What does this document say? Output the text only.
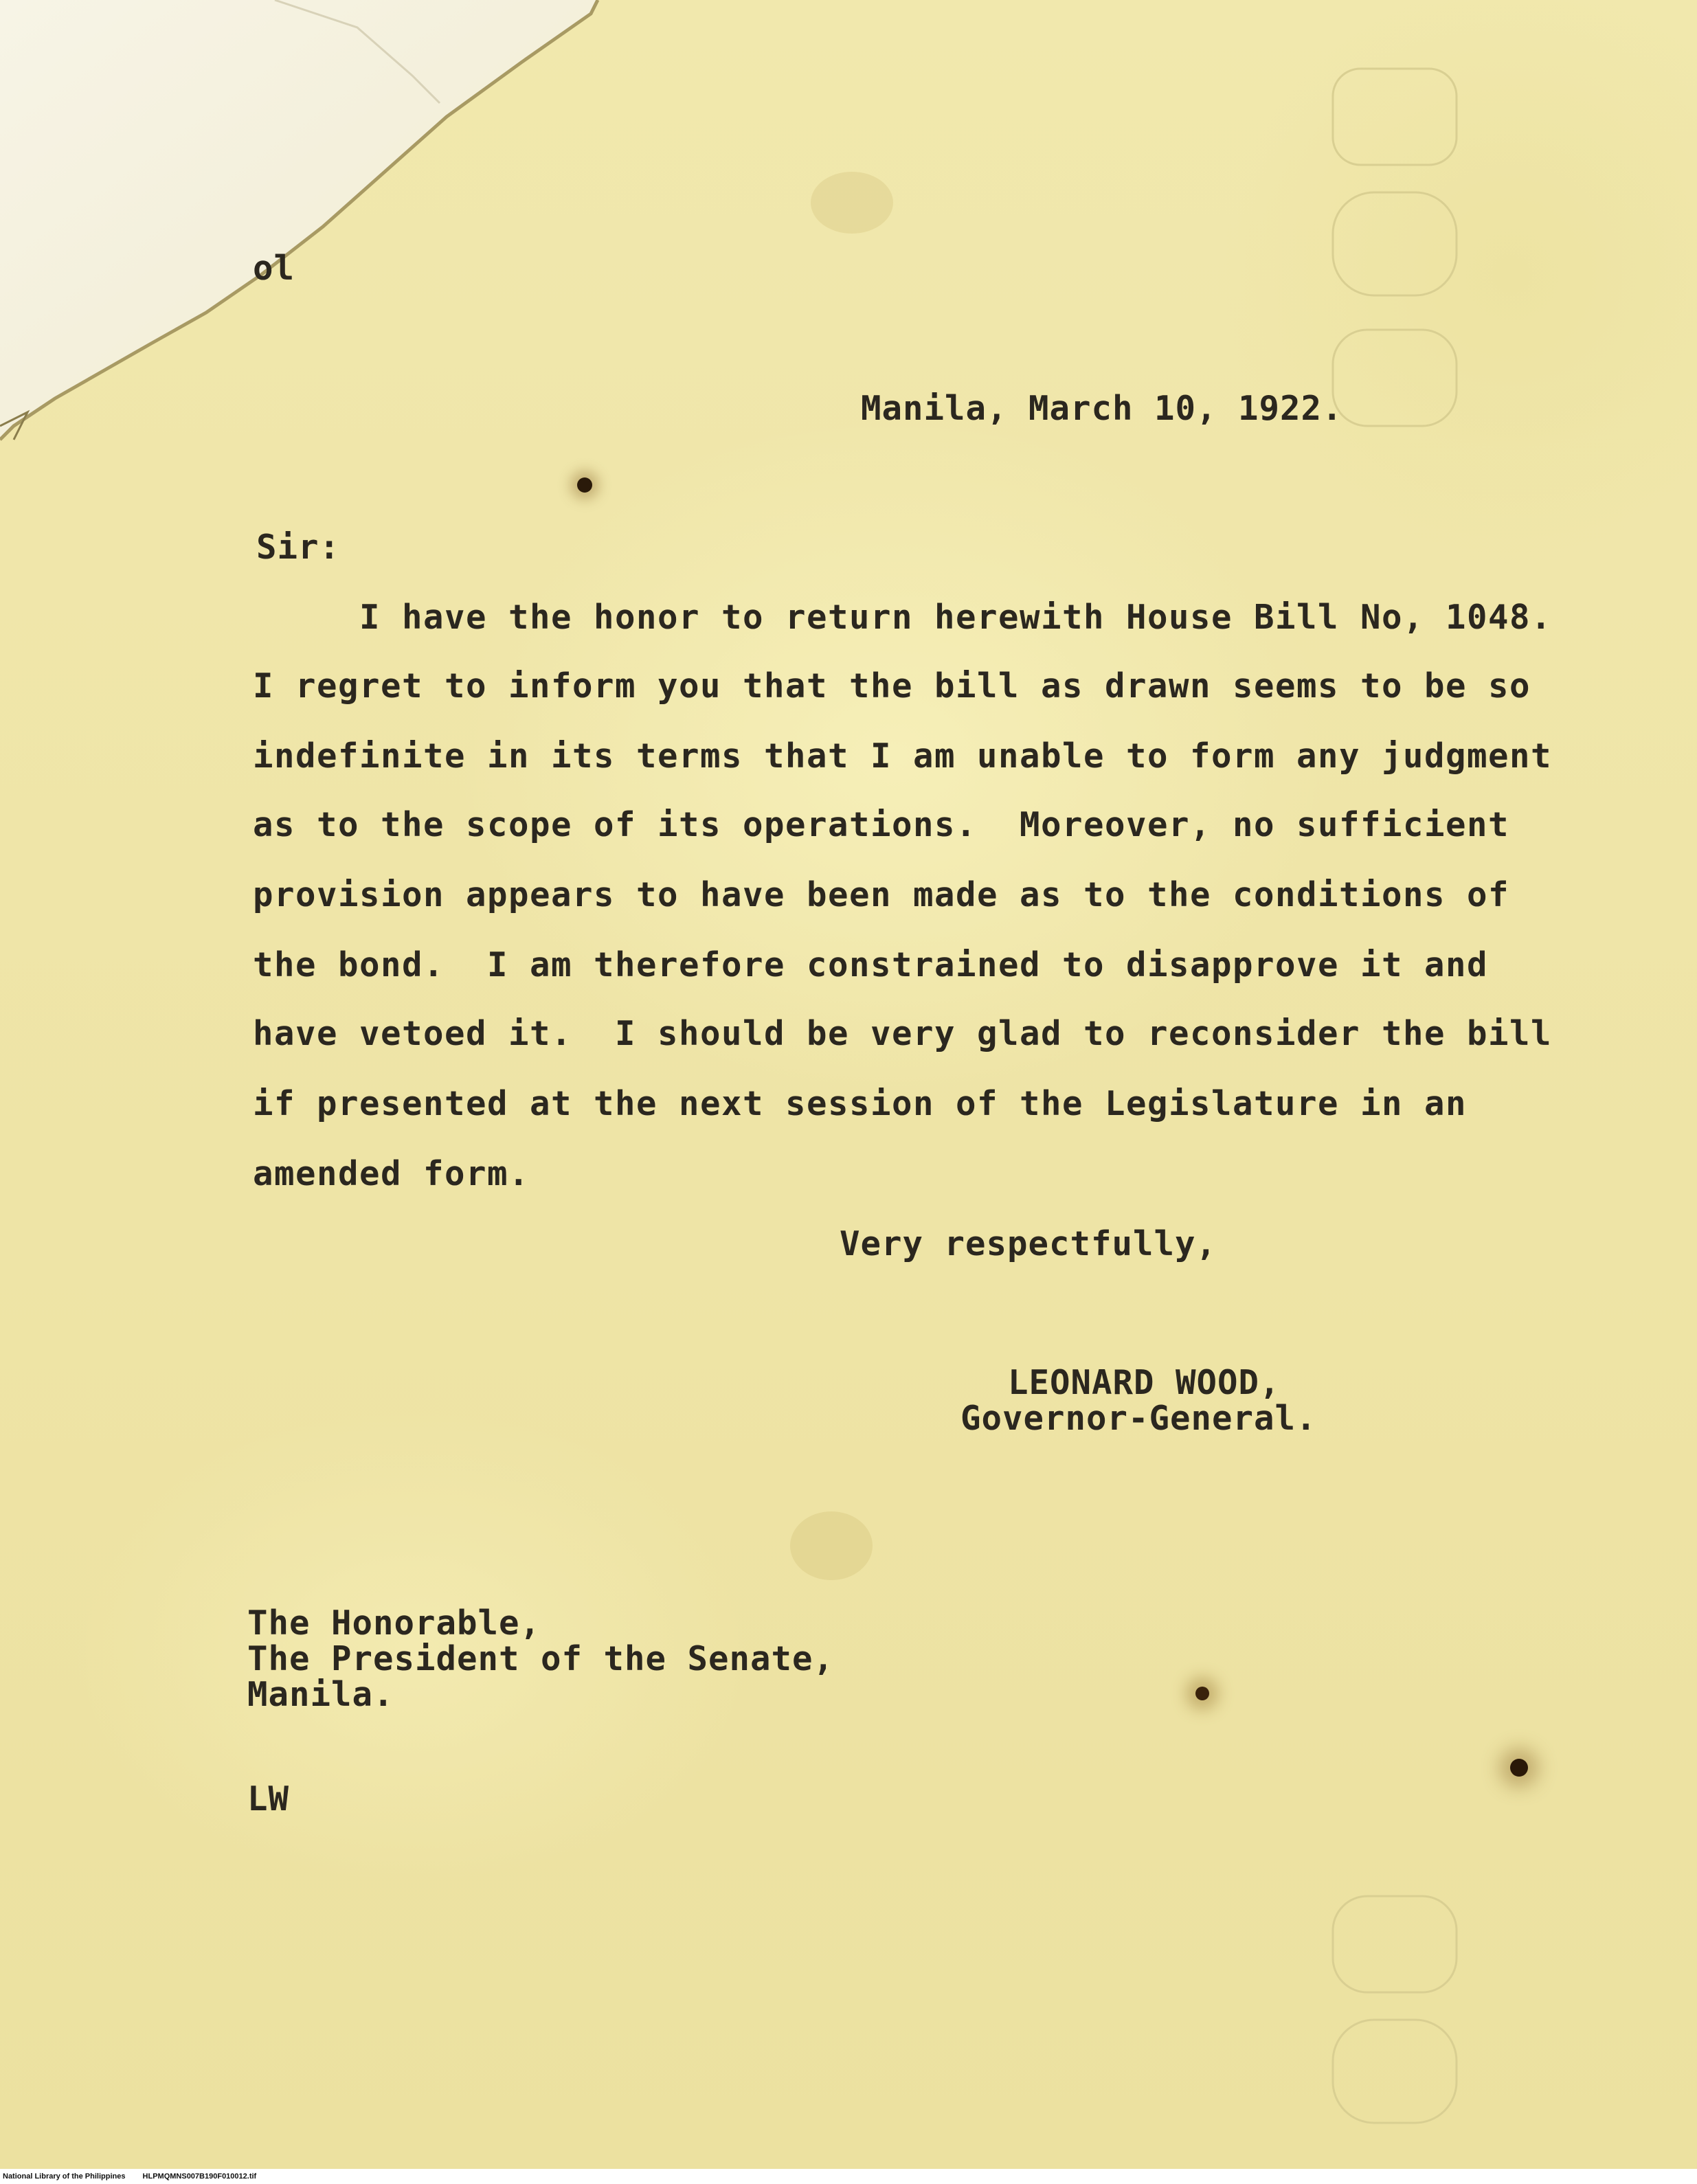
ol

Manila, March 10, 1922.

Sir:

I have the honor to return herewith House Bill No, 1048.

I regret to inform you that the bill as drawn seems to be so

indefinite in its terms that I am unable to form any judgment

as to the scope of its operations.  Moreover, no sufficient

provision appears to have been made as to the conditions of

the bond.  I am therefore constrained to disapprove it and

have vetoed it.  I should be very glad to reconsider the bill

if presented at the next session of the Legislature in an

amended form.

Very respectfully,

LEONARD WOOD,

Governor-General.

The Honorable,

The President of the Senate,

Manila.

LW

National Library of the Philippines HLPMQMNS007B190F010012.tif
